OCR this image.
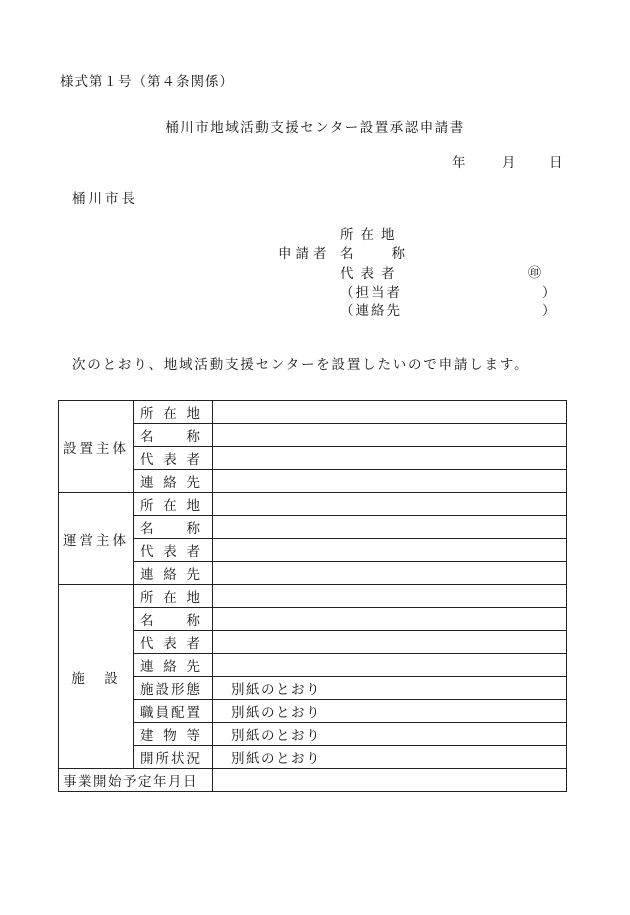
様式第１号（第４条関係）
桶川市地域活動支援センター設置承認申請書
年	月 日
桶川市長
申請者
所在地
名	称
代表者	㊞
（担当者	）
（連絡先	）
次のとおり、地域活動支援センターを設置したいので申請します。
設置主体	所 在 地	

	名 称	

	代 表 者	

	連 絡 先	

運営主体	所 在 地	

	名 称	

	代 表 者	

	連 絡 先	

施　設	所 在 地	

	名 称	

	代 表 者	

	連 絡 先	

	施 設 形 態	別紙のとおり

	職 員 配 置	別紙のとおり

	建 物 等	別紙のとおり

	開 所 状 況	別紙のとおり
事業開始予定年月日		
